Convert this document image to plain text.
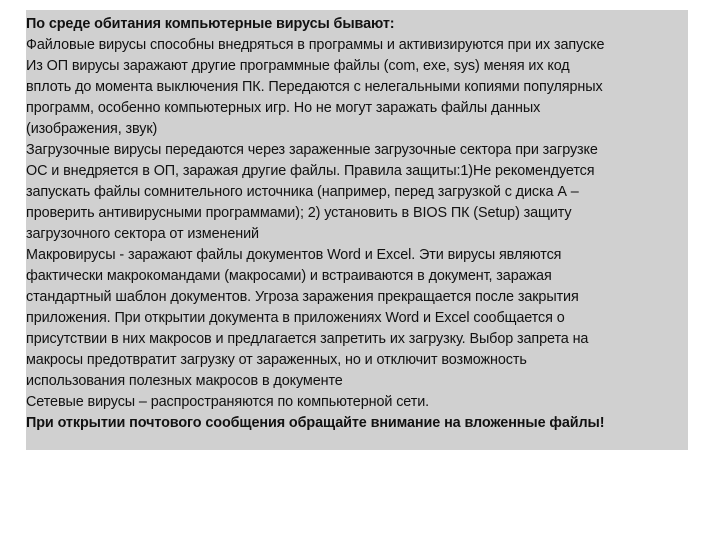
По среде обитания компьютерные вирусы бывают:
Файловые вирусы способны внедряться в программы и активизируются при их запуске
Из ОП вирусы заражают другие программные файлы (com, exe, sys) меняя их код
вплоть до момента выключения ПК. Передаются с нелегальными копиями популярных
программ, особенно компьютерных игр. Но не могут заражать файлы данных
(изображения, звук)
Загрузочные вирусы передаются через зараженные загрузочные сектора при загрузке
ОС и внедряется в ОП, заражая другие файлы. Правила защиты:1)Не рекомендуется
запускать файлы сомнительного источника (например, перед загрузкой с диска А –
проверить антивирусными программами); 2) установить в BIOS ПК (Setup) защиту
загрузочного сектора от изменений
Макровирусы - заражают файлы документов Word и Excel. Эти вирусы являются
фактически макрокомандами (макросами) и встраиваются в документ, заражая
стандартный шаблон документов. Угроза заражения прекращается после закрытия
приложения. При открытии документа в приложениях Word и Excel сообщается о
присутствии в них макросов и предлагается запретить их загрузку. Выбор запрета на
макросы предотвратит загрузку от зараженных, но и отключит возможность
использования полезных макросов в документе
Сетевые вирусы – распространяются по компьютерной сети.
При открытии почтового сообщения обращайте внимание на вложенные файлы!
